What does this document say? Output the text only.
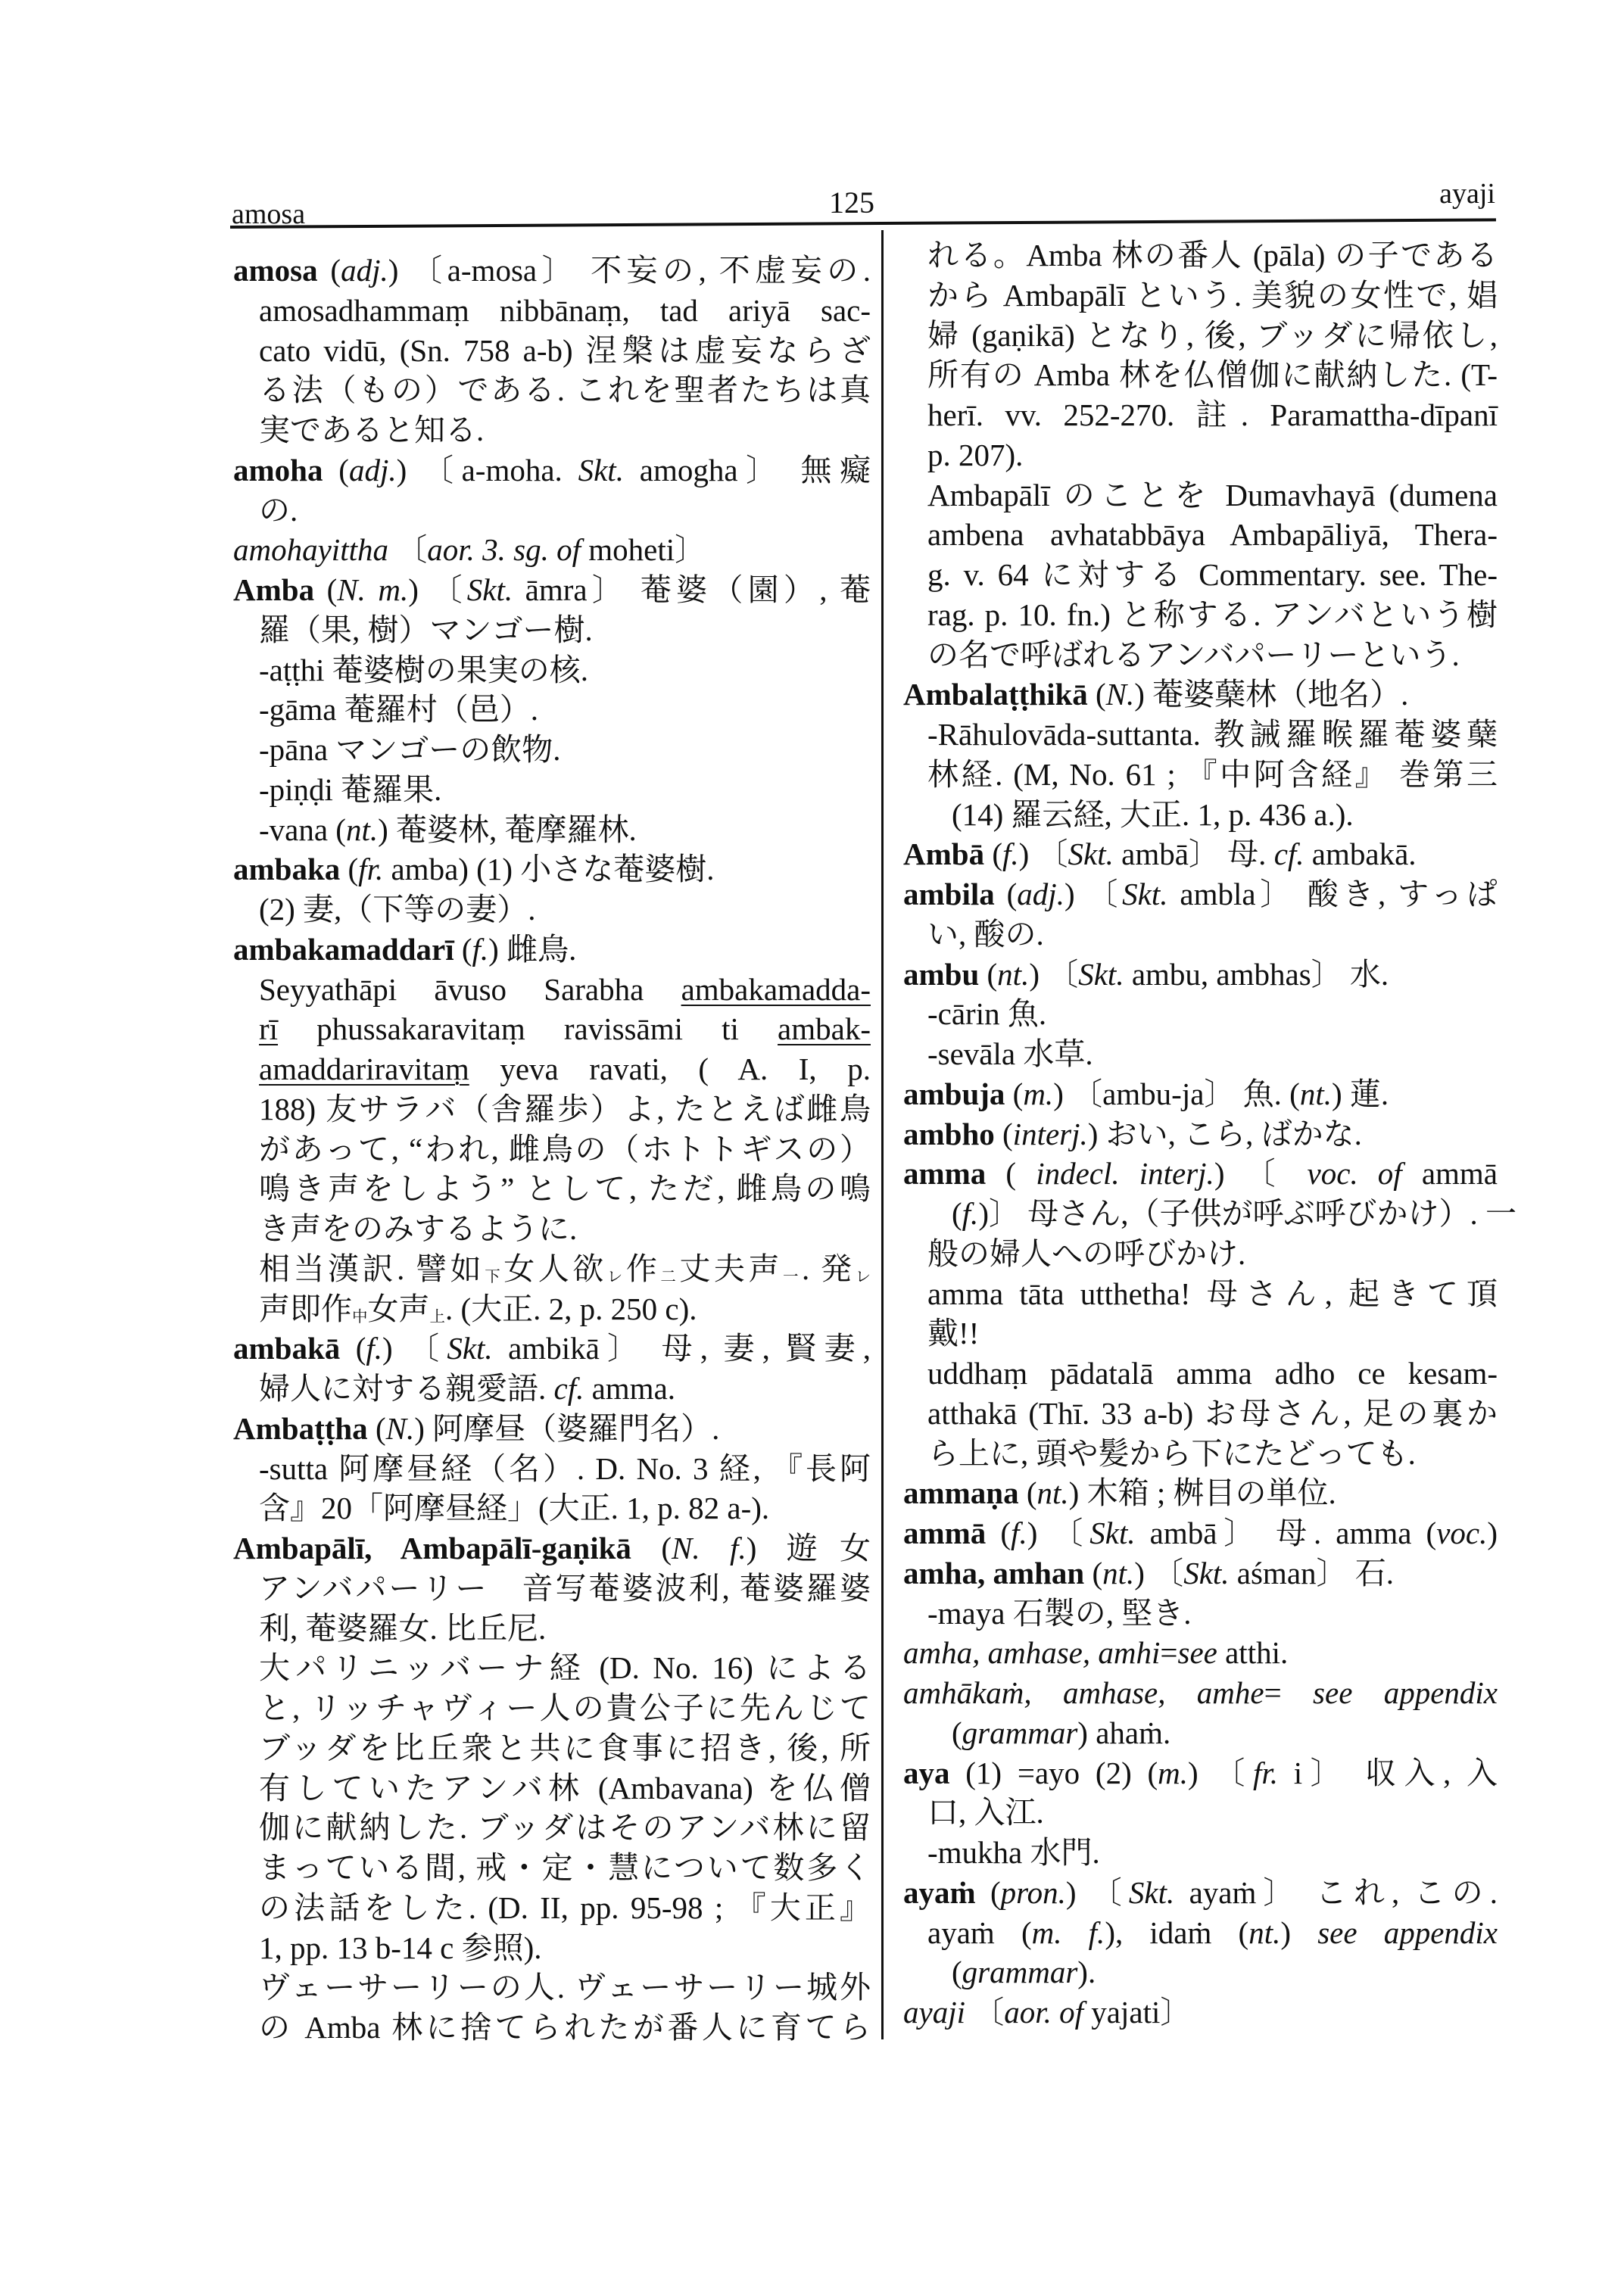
amosa	125	ayaji
amosa (adj.) 〔a-mosa〕 不妄の, 不虚妄の.
amosadhammaṃ nibbānaṃ, tad ariyā sac-
cato vidū, (Sn. 758 a-b) 涅槃は虚妄ならざ
る法（もの）である. これを聖者たちは真
実であると知る.
amoha (adj.) 〔a-moha. Skt. amogha〕 無癡
の.
amohayittha 〔aor. 3. sg. of moheti〕
Amba (N. m.) 〔Skt. āmra〕 菴婆（園）, 菴
羅（果, 樹）マンゴー樹.
-aṭṭhi 菴婆樹の果実の核.
-gāma 菴羅村（邑）.
-pāna マンゴーの飲物.
-piṇḍi 菴羅果.
-vana (nt.) 菴婆林, 菴摩羅林.
ambaka (fr. amba) (1) 小さな菴婆樹.
(2) 妻,（下等の妻）.
ambakamaddarī (f.) 雌鳥.
Seyyathāpi āvuso Sarabha ambakamadda-
rī phussakaravitaṃ ravissāmi ti ambak-
amaddariravitaṃ yeva ravati, ( A. I, p.
188) 友サラバ（舎羅歩）よ, たとえば雌鳥
があって, “われ, 雌鳥の（ホトトギスの）
鳴き声をしよう” として, ただ, 雌鳥の鳴
き声をのみするように.
相当漢訳. 譬如下女人欲レ作二丈夫声一. 発レ
声即作中女声上. (大正. 2, p. 250 c).
ambakā (f.) 〔Skt. ambikā〕 母, 妻, 賢妻,
婦人に対する親愛語. cf. amma.
Ambaṭṭha (N.) 阿摩昼（婆羅門名）.
-sutta 阿摩昼経（名）. D. No. 3 経, 『長阿
含』20「阿摩昼経」(大正. 1, p. 82 a-).
Ambapālī, Ambapālī-gaṇikā (N. f.) 遊女
アンバパーリー　音写菴婆波利, 菴婆羅婆
利, 菴婆羅女. 比丘尼.
大パリニッバーナ経 (D. No. 16) による
と, リッチャヴィー人の貴公子に先んじて
ブッダを比丘衆と共に食事に招き, 後, 所
有していたアンバ林 (Ambavana) を仏僧
伽に献納した. ブッダはそのアンバ林に留
まっている間, 戒・定・慧について数多く
の法話をした. (D. II, pp. 95-98 ; 『大正』
1, pp. 13 b-14 c 参照).
ヴェーサーリーの人. ヴェーサーリー城外
の Amba 林に捨てられたが番人に育てら
れる。Amba 林の番人 (pāla) の子である
から Ambapālī という. 美貌の女性で, 娼
婦 (gaṇikā) となり, 後, ブッダに帰依し,
所有の Amba 林を仏僧伽に献納した. (T-
herī. vv. 252-270. 註. Paramattha-dīpanī
p. 207).
Ambapālī のことを Dumavhayā (dumena
ambena avhatabbāya Ambapāliyā, Thera-
g. v. 64 に対する Commentary. see. The-
rag. p. 10. fn.) と称する. アンバという樹
の名で呼ばれるアンバパーリーという.
Ambalaṭṭhikā (N.) 菴婆蘖林（地名）.
-Rāhulovāda-suttanta. 教誡羅睺羅菴婆蘖
林経. (M, No. 61 ; 『中阿含経』 巻第三
(14) 羅云経, 大正. 1, p. 436 a.).
Ambā (f.) 〔Skt. ambā〕 母. cf. ambakā.
ambila (adj.) 〔Skt. ambla〕 酸き, すっぱ
い, 酸の.
ambu (nt.) 〔Skt. ambu, ambhas〕 水.
-cārin 魚.
-sevāla 水草.
ambuja (m.) 〔ambu-ja〕 魚. (nt.) 蓮.
ambho (interj.) おい, こら, ばかな.
amma ( indecl. interj.) 〔 voc. of ammā
(f.)〕 母さん,（子供が呼ぶ呼びかけ）. 一
般の婦人への呼びかけ.
amma tāta utthetha! 母さん, 起きて頂
戴!!
uddhaṃ pādatalā amma adho ce kesam-
atthakā (Thī. 33 a-b) お母さん, 足の裏か
ら上に, 頭や髪から下にたどっても.
ammaṇa (nt.) 木箱 ; 桝目の単位.
ammā (f.) 〔Skt. ambā〕 母. amma (voc.)
amha, amhan (nt.) 〔Skt. aśman〕 石.
-maya 石製の, 堅き.
amha, amhase, amhi=see atthi.
amhākaṁ, amhase, amhe= see appendix
(grammar) ahaṁ.
aya (1) =ayo (2) (m.) 〔fr. i〕 収入, 入
口, 入江.
-mukha 水門.
ayaṁ (pron.) 〔Skt. ayaṁ〕 これ, この.
ayaṁ (m. f.), idaṁ (nt.) see appendix
(grammar).
ayaji 〔aor. of yajati〕
